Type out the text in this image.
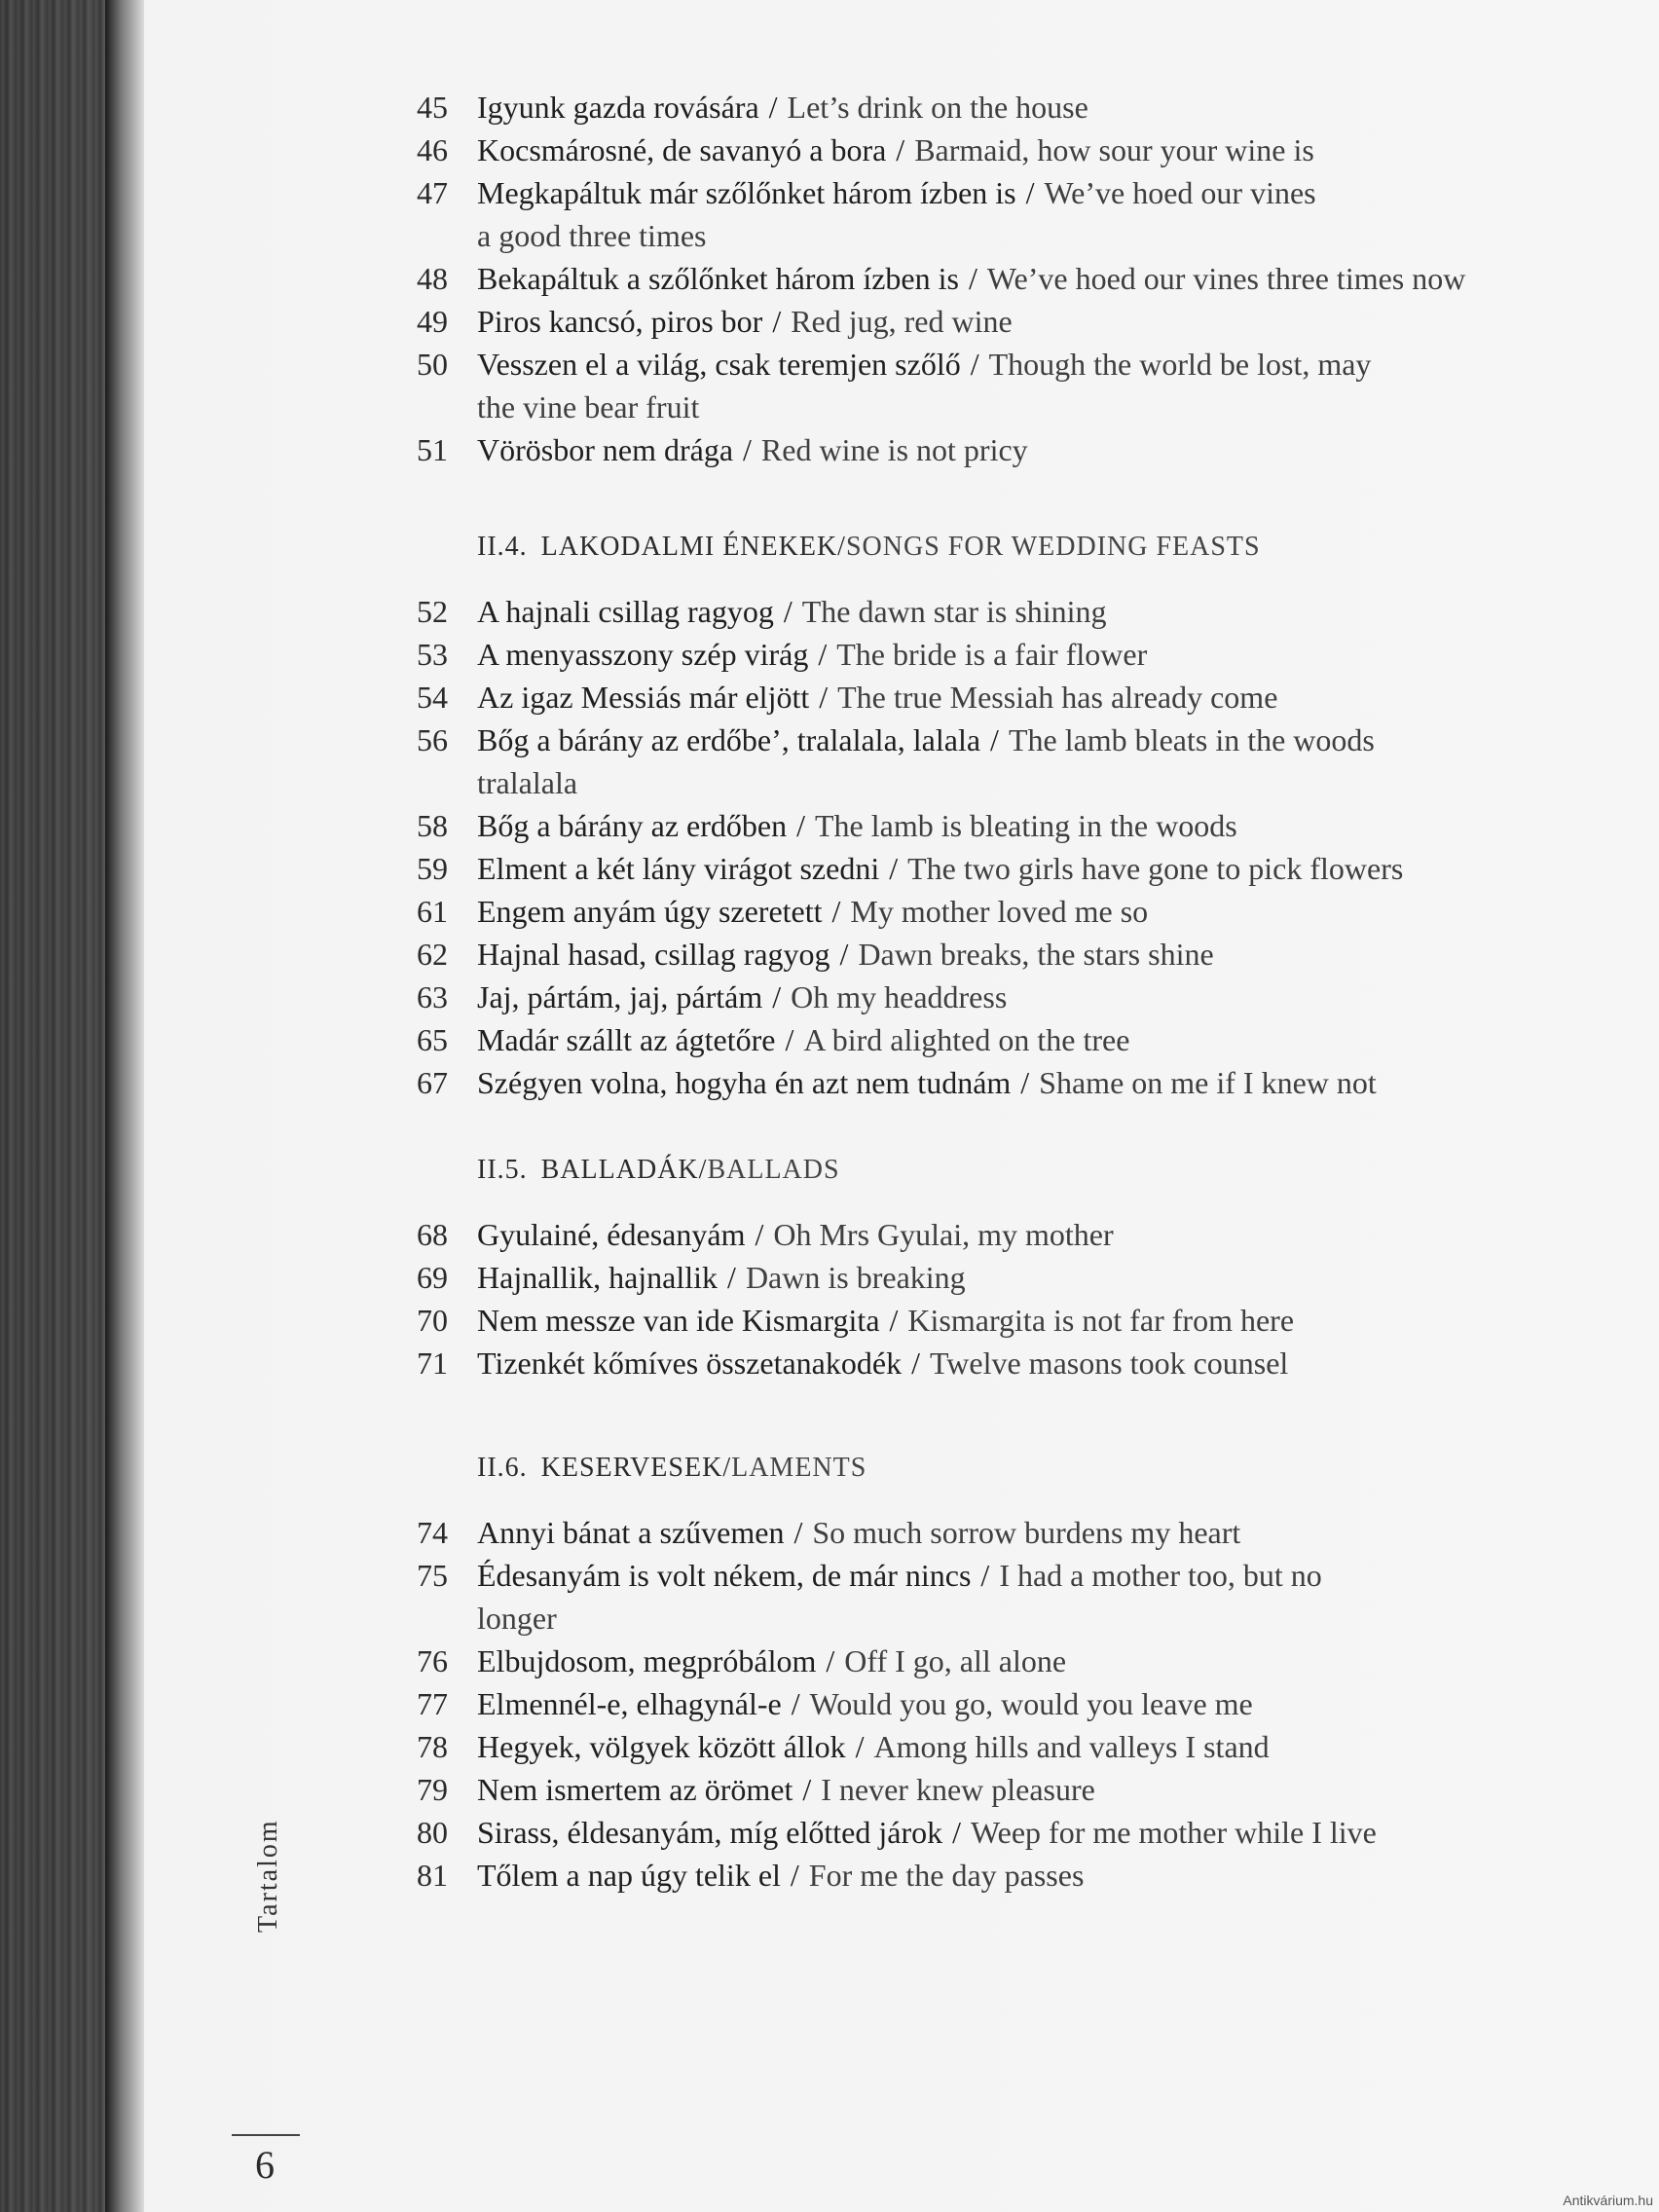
45 Igyunk gazda rovására / Let’s drink on the house
46 Kocsmárosné, de savanyó a bora / Barmaid, how sour your wine is
47 Megkapáltuk már szőlőnket három ízben is / We’ve hoed our vines
a good three times
48 Bekapáltuk a szőlőnket három ízben is / We’ve hoed our vines three times now
49 Piros kancsó, piros bor / Red jug, red wine
50 Vesszen el a világ, csak teremjen szőlő / Though the world be lost, may
the vine bear fruit
51 Vörösbor nem drága / Red wine is not pricy
II.4. LAKODALMI ÉNEKEK/SONGS FOR WEDDING FEASTS
52 A hajnali csillag ragyog / The dawn star is shining
53 A menyasszony szép virág / The bride is a fair flower
54 Az igaz Messiás már eljött / The true Messiah has already come
56 Bőg a bárány az erdőbe’, tralalala, lalala / The lamb bleats in the woods
tralalala
58 Bőg a bárány az erdőben / The lamb is bleating in the woods
59 Elment a két lány virágot szedni / The two girls have gone to pick flowers
61 Engem anyám úgy szeretett / My mother loved me so
62 Hajnal hasad, csillag ragyog / Dawn breaks, the stars shine
63 Jaj, pártám, jaj, pártám / Oh my headdress
65 Madár szállt az ágtetőre / A bird alighted on the tree
67 Szégyen volna, hogyha én azt nem tudnám / Shame on me if I knew not
II.5. BALLADÁK/BALLADS
68 Gyulainé, édesanyám / Oh Mrs Gyulai, my mother
69 Hajnallik, hajnallik / Dawn is breaking
70 Nem messze van ide Kismargita / Kismargita is not far from here
71 Tizenkét kőmíves összetanakodék / Twelve masons took counsel
II.6. KESERVESEK/LAMENTS
74 Annyi bánat a szűvemen / So much sorrow burdens my heart
75 Édesanyám is volt nékem, de már nincs / I had a mother too, but no
longer
76 Elbujdosom, megpróbálom / Off I go, all alone
77 Elmennél-e, elhagynál-e / Would you go, would you leave me
78 Hegyek, völgyek között állok / Among hills and valleys I stand
79 Nem ismertem az örömet / I never knew pleasure
80 Sirass, éldesanyám, míg előtted járok / Weep for me mother while I live
81 Tőlem a nap úgy telik el / For me the day passes
Tartalom
6
Antikvárium.hu
